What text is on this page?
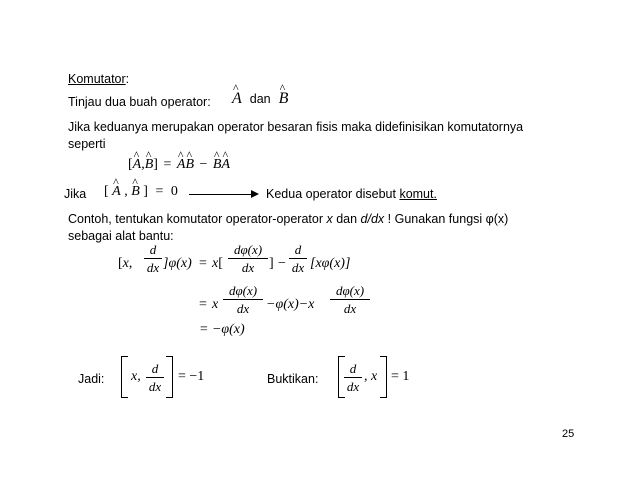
Komutator:
Tinjau dua buah operator: ^ A dan ^ B
Jika keduanya merupakan operator besaran fisis maka didefinisikan komutatornya
seperti
[^ A,^ B] = ^ A^ B − ^ B^ A
Jika [ ^ A , ^ B ] = 0	Kedua operator disebut komut.
Contoh, tentukan komutator operator-operator x dan d/dx ! Gunakan fungsi φ(x)
sebagai alat bantu:
[x,
d
dx ]φ(x) = x[
dφ(x)
dx	] −
d
dx [xφ(x)]
= x
dφ(x)
dx	−φ(x)−x
dφ(x)
dx
= −φ(x)
Jadi: x,
d
dx
= −1	Buktikan:
d
dx
, x = 1
25
